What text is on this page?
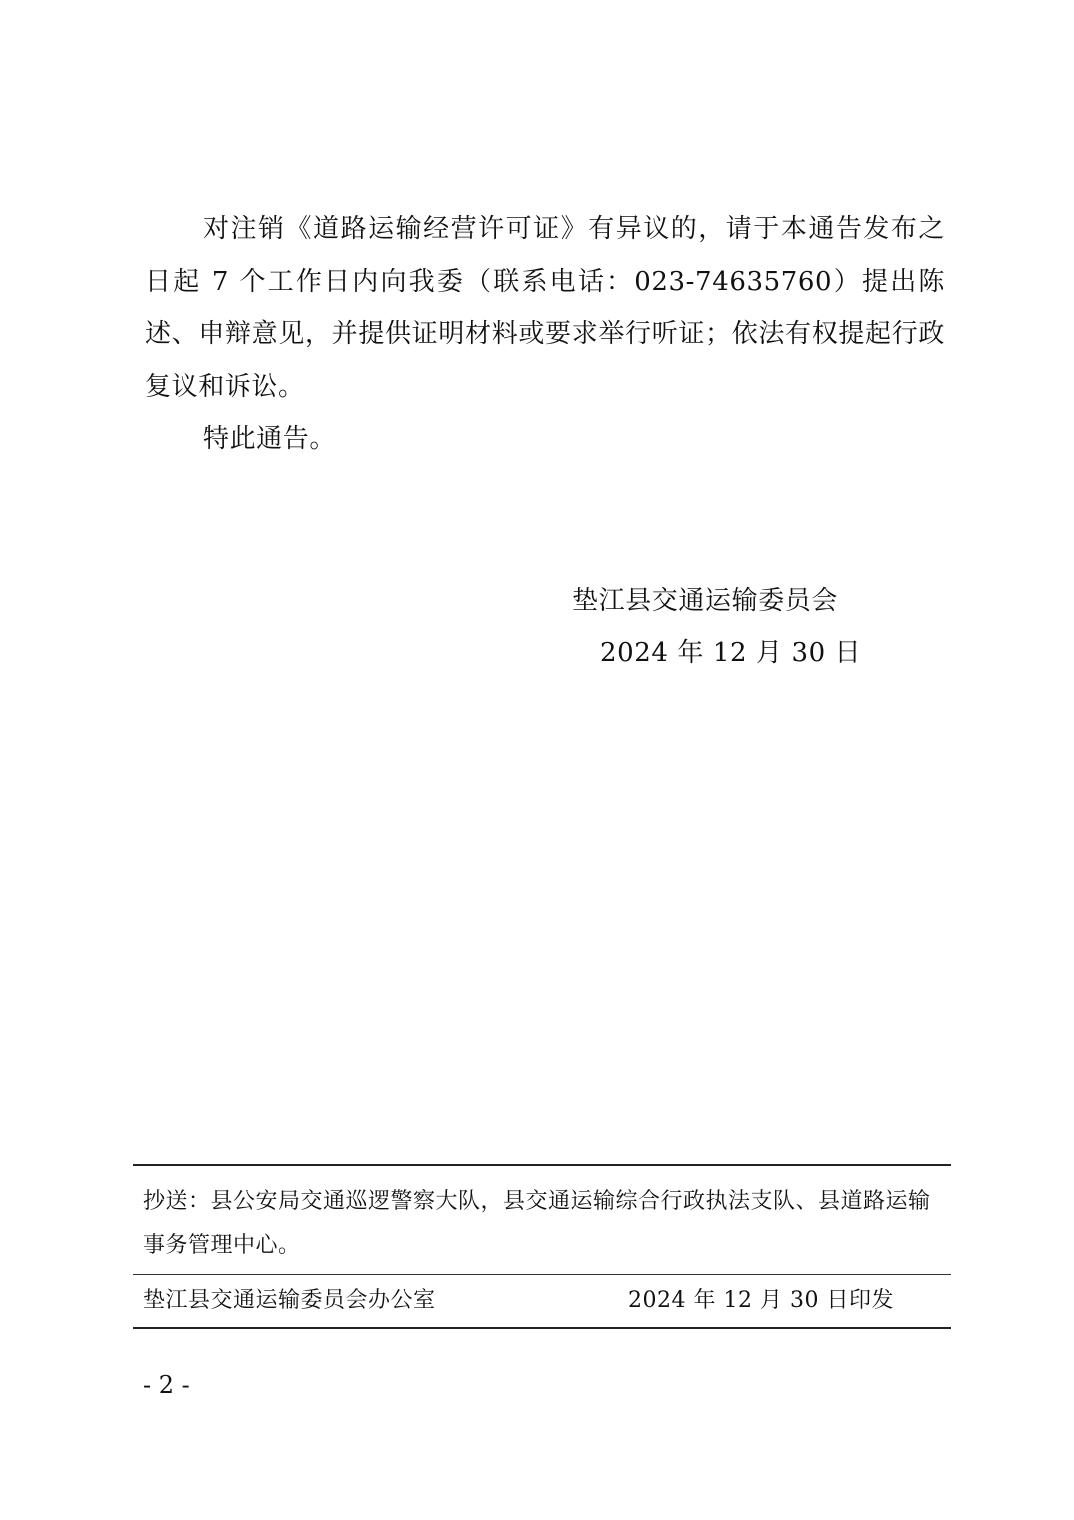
对注销《道路运输经营许可证》有异议的，请于本通告发布之日起 7 个工作日内向我委（联系电话：023-74635760）提出陈述、申辩意见，并提供证明材料或要求举行听证；依法有权提起行政复议和诉讼。

特此通告。

垫江县交通运输委员会
2024 年 12 月 30 日
抄送：县公安局交通巡逻警察大队，县交通运输综合行政执法支队、县道路运输事务管理中心。
垫江县交通运输委员会办公室	2024 年 12 月 30 日印发
- 2 -
